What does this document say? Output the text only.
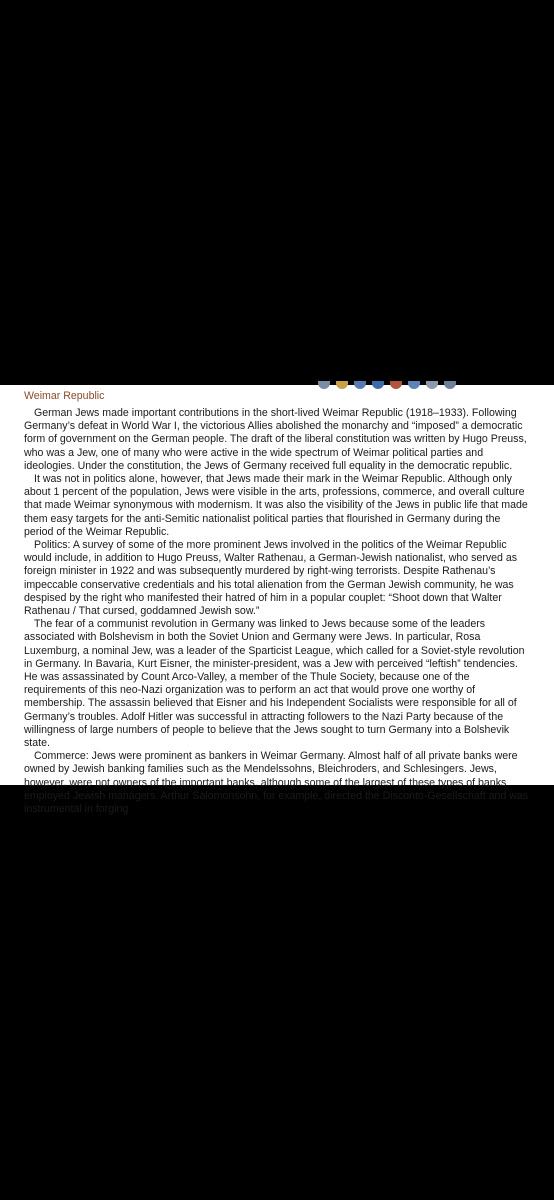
Weimar Republic

German Jews made important contributions in the short-lived Weimar Republic (1918–1933). Following Germany’s defeat in World War I, the victorious Allies abolished the monarchy and “imposed” a democratic form of government on the German people. The draft of the liberal constitution was written by Hugo Preuss, who was a Jew, one of many who were active in the wide spectrum of Weimar political parties and ideologies. Under the constitution, the Jews of Germany received full equality in the democratic republic.

It was not in politics alone, however, that Jews made their mark in the Weimar Republic. Although only about 1 percent of the population, Jews were visible in the arts, professions, commerce, and overall culture that made Weimar synonymous with modernism. It was also the visibility of the Jews in public life that made them easy targets for the anti-Semitic nationalist political parties that flourished in Germany during the period of the Weimar Republic.

Politics: A survey of some of the more prominent Jews involved in the politics of the Weimar Republic would include, in addition to Hugo Preuss, Walter Rathenau, a German-Jewish nationalist, who served as foreign minister in 1922 and was subsequently murdered by right-wing terrorists. Despite Rathenau’s impeccable conservative credentials and his total alienation from the German Jewish community, he was despised by the right who manifested their hatred of him in a popular couplet: “Shoot down that Walter Rathenau / That cursed, goddamned Jewish sow.”

The fear of a communist revolution in Germany was linked to Jews because some of the leaders associated with Bolshevism in both the Soviet Union and Germany were Jews. In particular, Rosa Luxemburg, a nominal Jew, was a leader of the Sparticist League, which called for a Soviet-style revolution in Germany. In Bavaria, Kurt Eisner, the minister-president, was a Jew with perceived “leftish” tendencies. He was assassinated by Count Arco-Valley, a member of the Thule Society, because one of the requirements of this neo-Nazi organization was to perform an act that would prove one worthy of membership. The assassin believed that Eisner and his Independent Socialists were responsible for all of Germany’s troubles. Adolf Hitler was successful in attracting followers to the Nazi Party because of the willingness of large numbers of people to believe that the Jews sought to turn Germany into a Bolshevik state.

Commerce: Jews were prominent as bankers in Weimar Germany. Almost half of all private banks were owned by Jewish banking families such as the Mendelssohns, Bleichroders, and Schlesingers. Jews, however, were not owners of the important banks, although some of the largest of these types of banks employed Jewish managers. Arthur Salomonsohn, for example, directed the Disconto-Gesellschaft and was instrumental in forging
